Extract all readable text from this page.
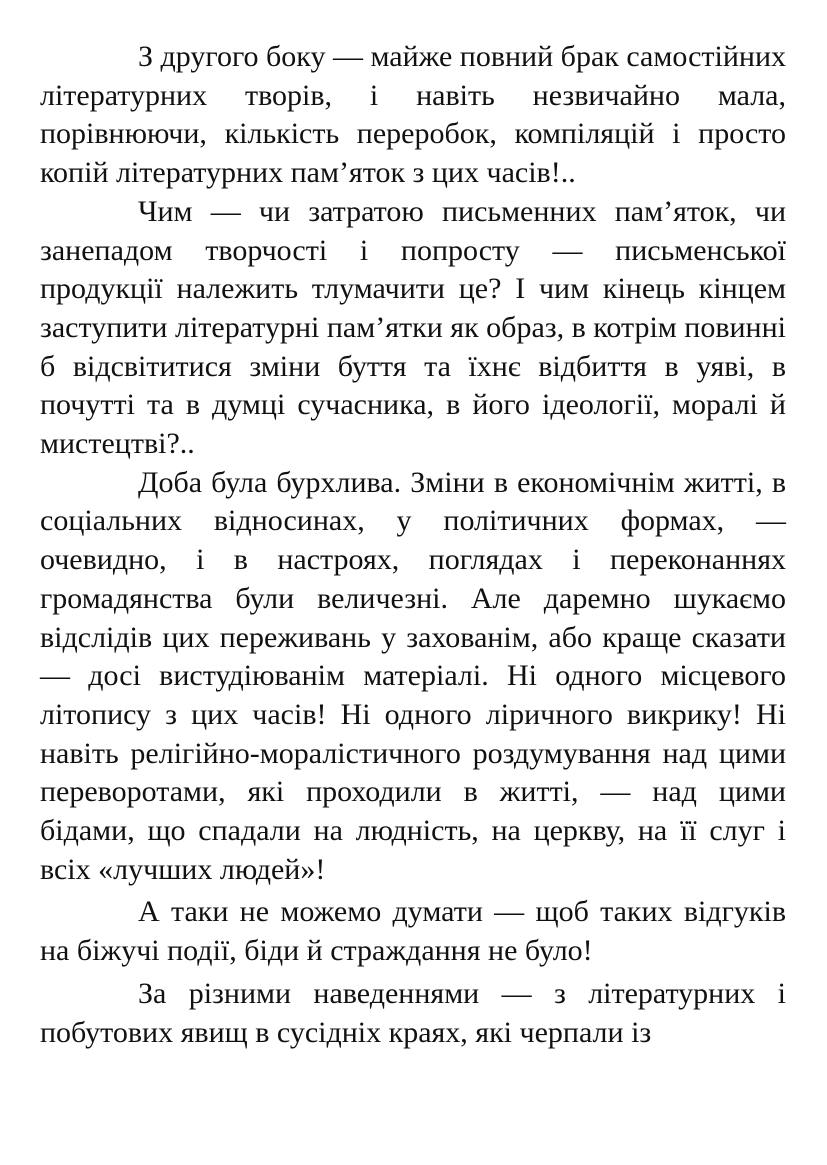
З другого боку — майже повний брак самостійних літературних творів, і навіть незвичайно мала, порівнюючи, кількість переробок, компіляцій і просто копій літературних пам’яток з цих часів!..

Чим — чи затратою письменних пам’яток, чи занепадом творчості і попросту — письменської продукції належить тлумачити це? І чим кінець кінцем заступити літературні пам’ятки як образ, в котрім повинні б відсвітитися зміни буття та їхнє відбиття в уяві, в почутті та в думці сучасника, в його ідеології, моралі й мистецтві?..

Доба була бурхлива. Зміни в економічнім житті, в соціальних відносинах, у політичних формах, — очевидно, і в настроях, поглядах і переконаннях громадянства були величезні. Але даремно шукаємо відслідів цих переживань у захованім, або краще сказати — досі вистудіюванім матеріалі. Ні одного місцевого літопису з цих часів! Ні одного ліричного викрику! Ні навіть релігійно-моралістичного роздумування над цими переворотами, які проходили в житті, — над цими бідами, що спадали на людність, на церкву, на її слуг і всіх «лучших людей»!

А таки не можемо думати — щоб таких відгуків на біжучі події, біди й страждання не було!

За різними наведеннями — з літературних і побутових явищ в сусідніх краях, які черпали із
